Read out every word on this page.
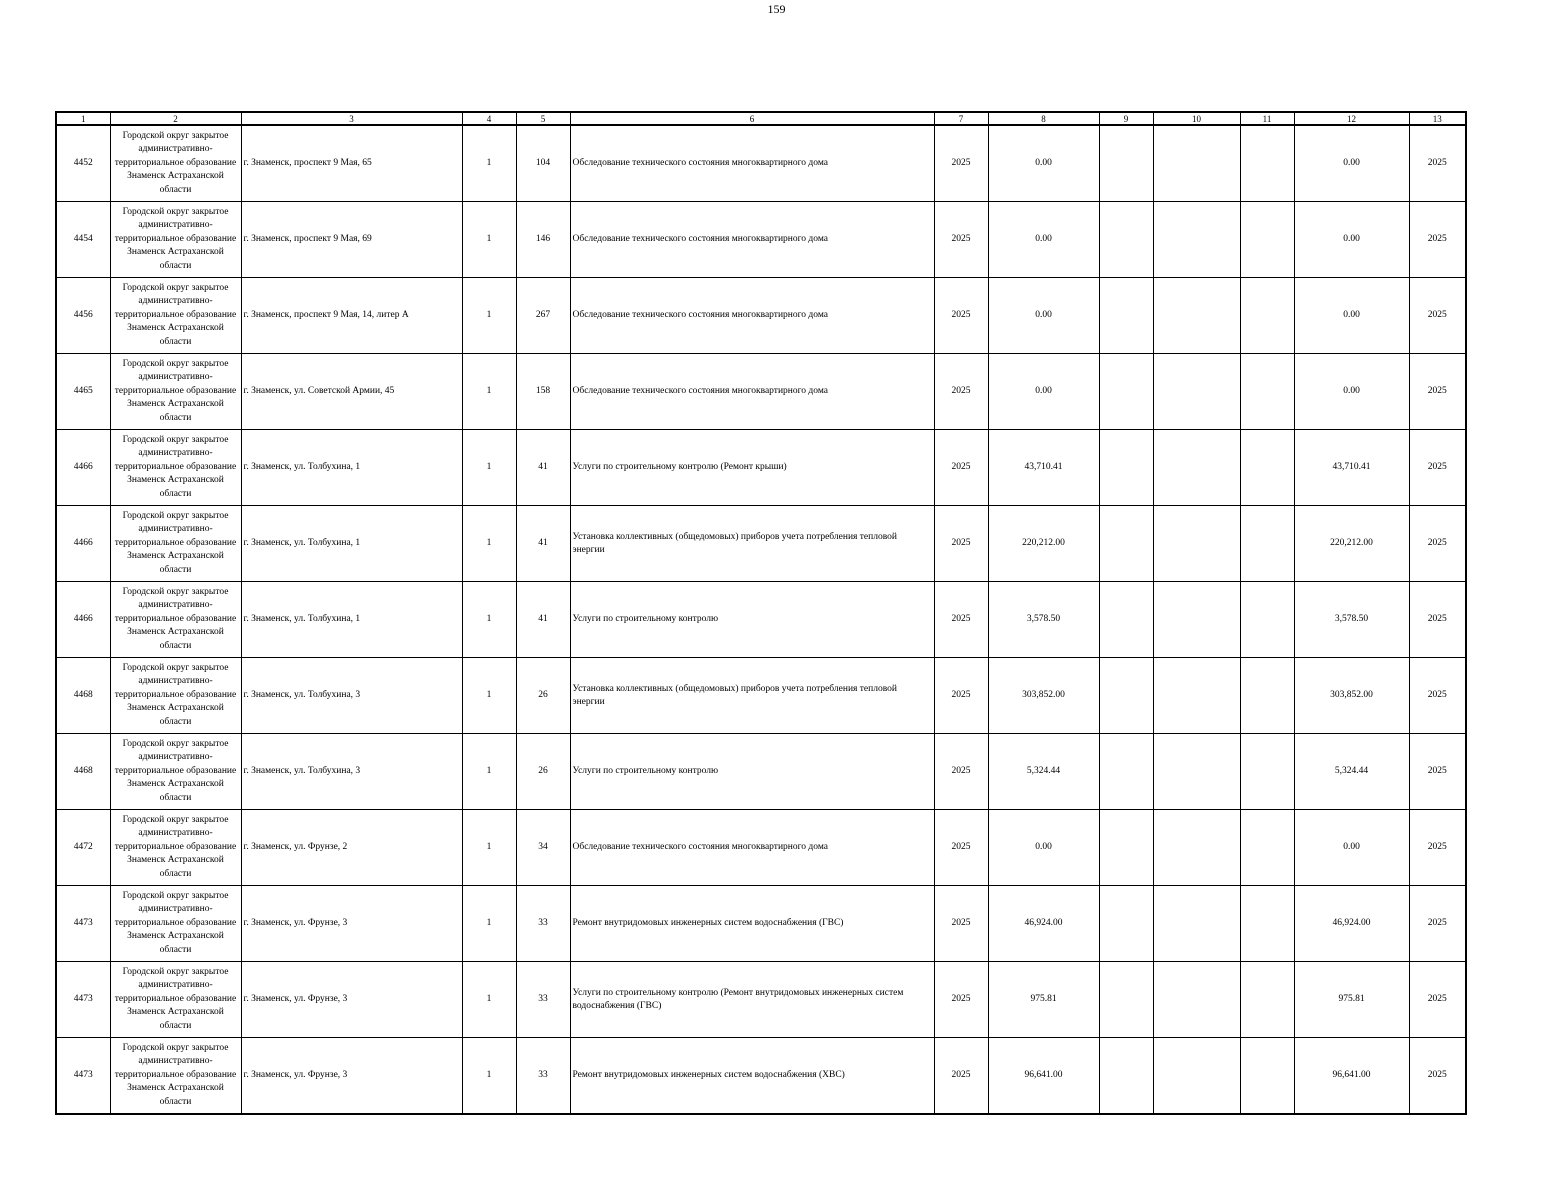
159
1	2	3	4	5	6	7	8	9	10	11	12	13
4452	Городской округ закрытое административно-территориальное образование Знаменск Астраханской области	г. Знаменск, проспект 9 Мая, 65	1	104	Обследование технического состояния многоквартирного дома	2025	0.00				0.00	2025
4454	Городской округ закрытое административно-территориальное образование Знаменск Астраханской области	г. Знаменск, проспект 9 Мая, 69	1	146	Обследование технического состояния многоквартирного дома	2025	0.00				0.00	2025
4456	Городской округ закрытое административно-территориальное образование Знаменск Астраханской области	г. Знаменск, проспект 9 Мая, 14, литер А	1	267	Обследование технического состояния многоквартирного дома	2025	0.00				0.00	2025
4465	Городской округ закрытое административно-территориальное образование Знаменск Астраханской области	г. Знаменск, ул. Советской Армии, 45	1	158	Обследование технического состояния многоквартирного дома	2025	0.00				0.00	2025
4466	Городской округ закрытое административно-территориальное образование Знаменск Астраханской области	г. Знаменск, ул. Толбухина, 1	1	41	Услуги по строительному контролю (Ремонт крыши)	2025	43,710.41				43,710.41	2025
4466	Городской округ закрытое административно-территориальное образование Знаменск Астраханской области	г. Знаменск, ул. Толбухина, 1	1	41	Установка коллективных (общедомовых) приборов учета потребления тепловой энергии	2025	220,212.00				220,212.00	2025
4466	Городской округ закрытое административно-территориальное образование Знаменск Астраханской области	г. Знаменск, ул. Толбухина, 1	1	41	Услуги по строительному контролю	2025	3,578.50				3,578.50	2025
4468	Городской округ закрытое административно-территориальное образование Знаменск Астраханской области	г. Знаменск, ул. Толбухина, 3	1	26	Установка коллективных (общедомовых) приборов учета потребления тепловой энергии	2025	303,852.00				303,852.00	2025
4468	Городской округ закрытое административно-территориальное образование Знаменск Астраханской области	г. Знаменск, ул. Толбухина, 3	1	26	Услуги по строительному контролю	2025	5,324.44				5,324.44	2025
4472	Городской округ закрытое административно-территориальное образование Знаменск Астраханской области	г. Знаменск, ул. Фрунзе, 2	1	34	Обследование технического состояния многоквартирного дома	2025	0.00				0.00	2025
4473	Городской округ закрытое административно-территориальное образование Знаменск Астраханской области	г. Знаменск, ул. Фрунзе, 3	1	33	Ремонт внутридомовых инженерных систем водоснабжения (ГВС)	2025	46,924.00				46,924.00	2025
4473	Городской округ закрытое административно-территориальное образование Знаменск Астраханской области	г. Знаменск, ул. Фрунзе, 3	1	33	Услуги по строительному контролю (Ремонт внутридомовых инженерных систем водоснабжения (ГВС)	2025	975.81				975.81	2025
4473	Городской округ закрытое административно-территориальное образование Знаменск Астраханской области	г. Знаменск, ул. Фрунзе, 3	1	33	Ремонт внутридомовых инженерных систем водоснабжения (ХВС)	2025	96,641.00				96,641.00	2025
